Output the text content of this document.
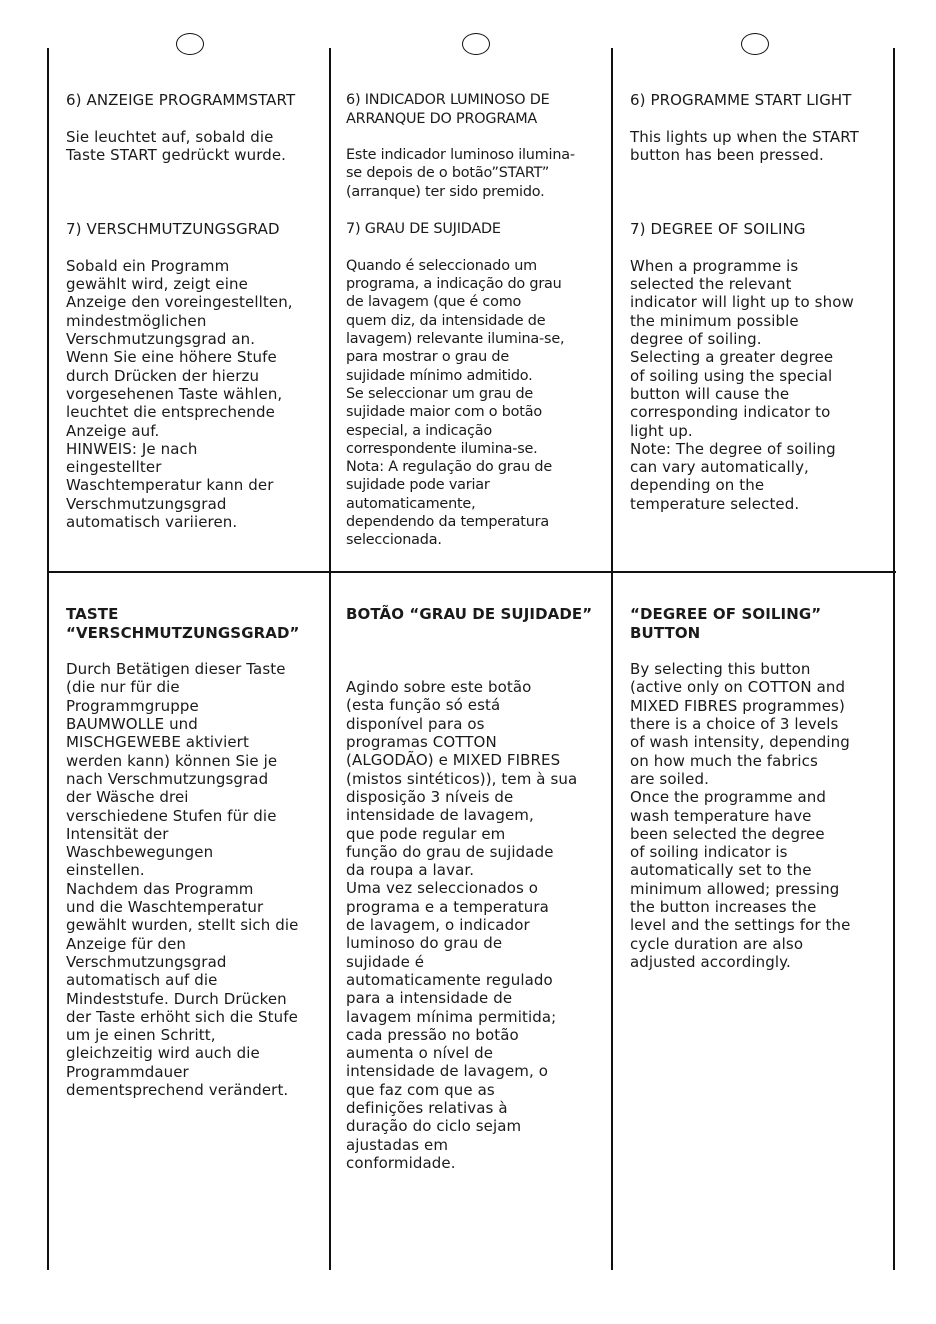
6) ANZEIGE PROGRAMMSTART

Sie leuchtet auf, sobald die
Taste START gedrückt wurde.

7) VERSCHMUTZUNGSGRAD

Sobald ein Programm
gewählt wird, zeigt eine
Anzeige den voreingestellten,
mindestmöglichen
Verschmutzungsgrad an.
Wenn Sie eine höhere Stufe
durch Drücken der hierzu
vorgesehenen Taste wählen,
leuchtet die entsprechende
Anzeige auf.
HINWEIS: Je nach
eingestellter
Waschtemperatur kann der
Verschmutzungsgrad
automatisch variieren.

TASTE
“VERSCHMUTZUNGSGRAD”

Durch Betätigen dieser Taste
(die nur für die
Programmgruppe
BAUMWOLLE und
MISCHGEWEBE aktiviert
werden kann) können Sie je
nach Verschmutzungsgrad
der Wäsche drei
verschiedene Stufen für die
Intensität der
Waschbewegungen
einstellen.
Nachdem das Programm
und die Waschtemperatur
gewählt wurden, stellt sich die
Anzeige für den
Verschmutzungsgrad
automatisch auf die
Mindeststufe. Durch Drücken
der Taste erhöht sich die Stufe
um je einen Schritt,
gleichzeitig wird auch die
Programmdauer
dementsprechend verändert.

6) INDICADOR LUMINOSO DE
ARRANQUE DO PROGRAMA

Este indicador luminoso ilumina-
se depois de o botão”START”
(arranque) ter sido premido.

7) GRAU DE SUJIDADE

Quando é seleccionado um
programa, a indicação do grau
de lavagem (que é como
quem diz, da intensidade de
lavagem) relevante ilumina-se,
para mostrar o grau de
sujidade mínimo admitido.
Se seleccionar um grau de
sujidade maior com o botão
especial, a indicação
correspondente ilumina-se.
Nota: A regulação do grau de
sujidade pode variar
automaticamente,
dependendo da temperatura
seleccionada.

BOTÃO “GRAU DE SUJIDADE”

Agindo sobre este botão
(esta função só está
disponível para os
programas COTTON
(ALGODÃO) e MIXED FIBRES
(mistos sintéticos)), tem à sua
disposição 3 níveis de
intensidade de lavagem,
que pode regular em
função do grau de sujidade
da roupa a lavar.
Uma vez seleccionados o
programa e a temperatura
de lavagem, o indicador
luminoso do grau de
sujidade é
automaticamente regulado
para a intensidade de
lavagem mínima permitida;
cada pressão no botão
aumenta o nível de
intensidade de lavagem, o
que faz com que as
definições relativas à
duração do ciclo sejam
ajustadas em
conformidade.

6) PROGRAMME START LIGHT

This lights up when the START
button has been pressed.

7) DEGREE OF SOILING

When a programme is
selected the relevant
indicator will light up to show
the minimum possible
degree of soiling.
Selecting a greater degree
of soiling using the special
button will cause the
corresponding indicator to
light up.
Note: The degree of soiling
can vary automatically,
depending on the
temperature selected.

“DEGREE OF SOILING”
BUTTON

By selecting this button
(active only on COTTON and
MIXED FIBRES programmes)
there is a choice of 3 levels
of wash intensity, depending
on how much the fabrics
are soiled.
Once the programme and
wash temperature have
been selected the degree
of soiling indicator is
automatically set to the
minimum allowed; pressing
the button increases the
level and the settings for the
cycle duration are also
adjusted accordingly.
